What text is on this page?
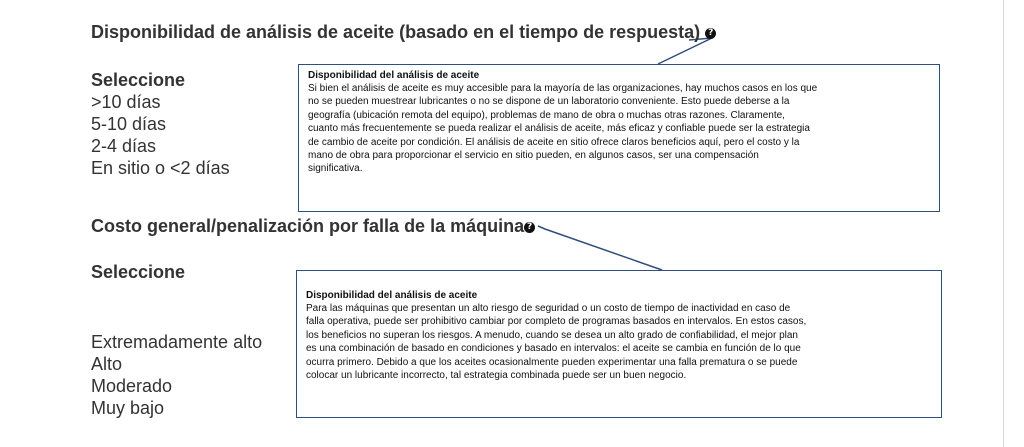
Disponibilidad de análisis de aceite (basado en el tiempo de respuesta) ?
Seleccione
>10 días
5-10 días
2-4 días
En sitio o <2 días
Disponibilidad del análisis de aceite
Si bien el análisis de aceite es muy accesible para la mayoría de las organizaciones, hay muchos casos en los que
no se pueden muestrear lubricantes o no se dispone de un laboratorio conveniente. Esto puede deberse a la
geografía (ubicación remota del equipo), problemas de mano de obra o muchas otras razones. Claramente,
cuanto más frecuentemente se pueda realizar el análisis de aceite, más eficaz y confiable puede ser la estrategia
de cambio de aceite por condición. El análisis de aceite en sitio ofrece claros beneficios aquí, pero el costo y la
mano de obra para proporcionar el servicio en sitio pueden, en algunos casos, ser una compensación
significativa.
Costo general/penalización por falla de la máquina ?
Seleccione
Extremadamente alto
Alto
Moderado
Muy bajo
Disponibilidad del análisis de aceite
Para las máquinas que presentan un alto riesgo de seguridad o un costo de tiempo de inactividad en caso de
falla operativa, puede ser prohibitivo cambiar por completo de programas basados en intervalos. En estos casos,
los beneficios no superan los riesgos. A menudo, cuando se desea un alto grado de confiabilidad, el mejor plan
es una combinación de basado en condiciones y basado en intervalos: el aceite se cambia en función de lo que
ocurra primero. Debido a que los aceites ocasionalmente pueden experimentar una falla prematura o se puede
colocar un lubricante incorrecto, tal estrategia combinada puede ser un buen negocio.
